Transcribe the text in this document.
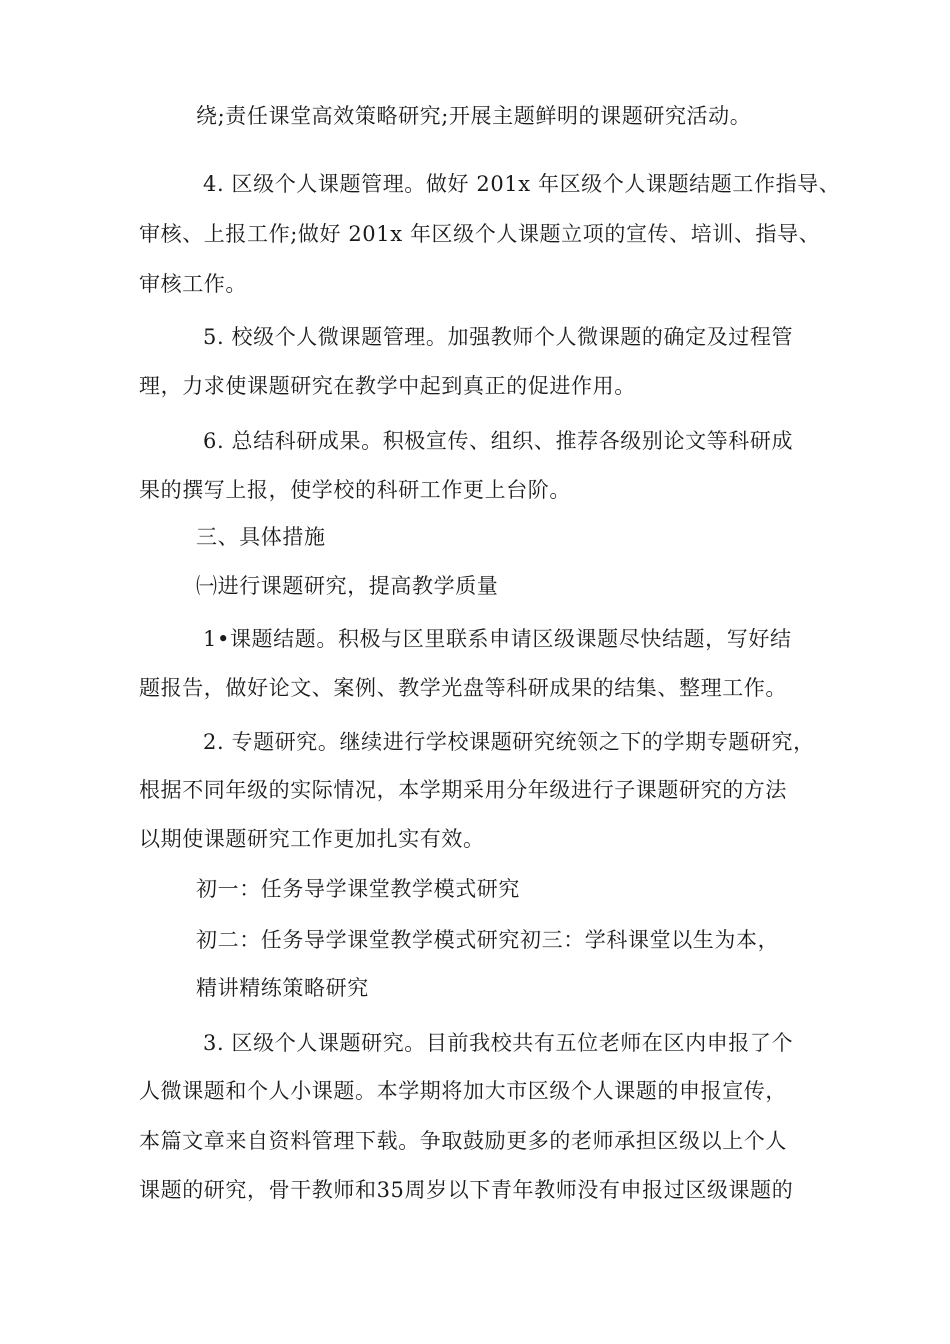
绕;责任课堂高效策略研究;开展主题鲜明的课题研究活动。
4. 区级个人课题管理。做好 201x 年区级个人课题结题工作指导、
审核、上报工作;做好 201x 年区级个人课题立项的宣传、培训、指导、
审核工作。
5. 校级个人微课题管理。加强教师个人微课题的确定及过程管
理，力求使课题研究在教学中起到真正的促进作用。
6. 总结科研成果。积极宣传、组织、推荐各级别论文等科研成
果的撰写上报，使学校的科研工作更上台阶。
三、具体措施
㈠进行课题研究，提高教学质量
1•课题结题。积极与区里联系申请区级课题尽快结题，写好结
题报告，做好论文、案例、教学光盘等科研成果的结集、整理工作。
2. 专题研究。继续进行学校课题研究统领之下的学期专题研究，
根据不同年级的实际情况，本学期采用分年级进行子课题研究的方法
以期使课题研究工作更加扎实有效。
初一：任务导学课堂教学模式研究
初二：任务导学课堂教学模式研究初三：学科课堂以生为本，
精讲精练策略研究
3. 区级个人课题研究。目前我校共有五位老师在区内申报了个
人微课题和个人小课题。本学期将加大市区级个人课题的申报宣传，
本篇文章来自资料管理下载。争取鼓励更多的老师承担区级以上个人
课题的研究，骨干教师和35周岁以下青年教师没有申报过区级课题的
